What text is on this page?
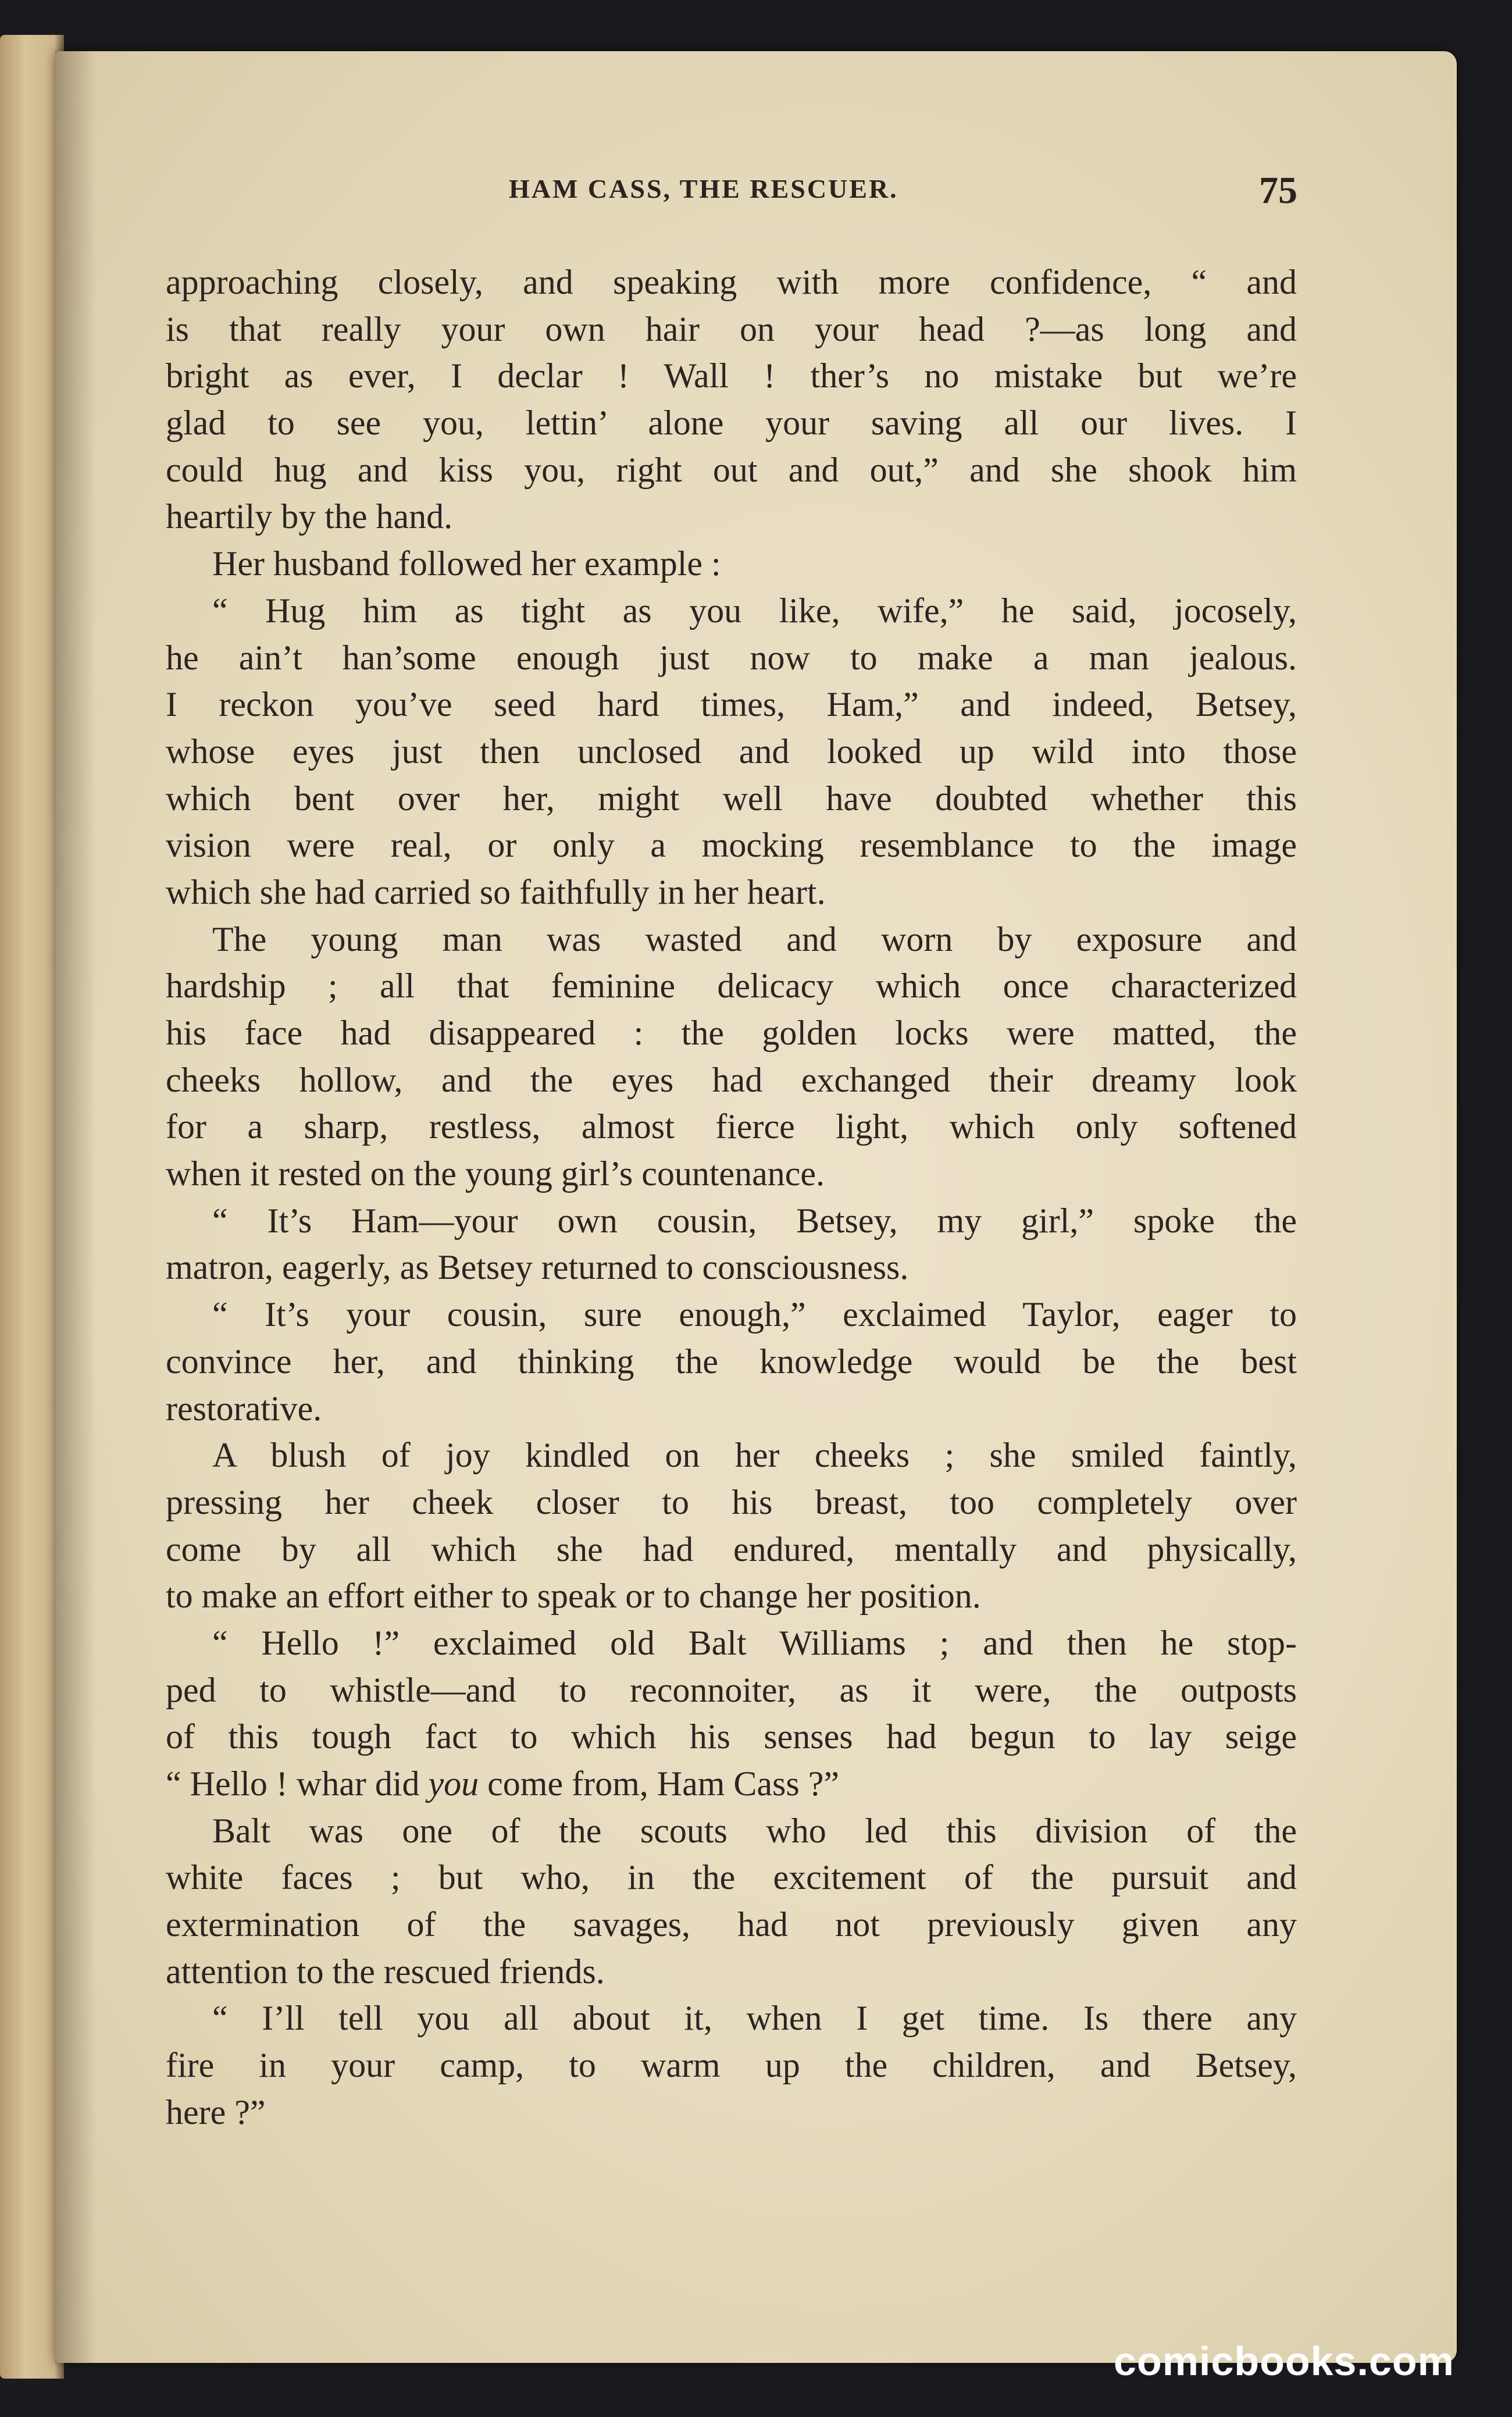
HAM CASS, THE RESCUER.	75

approaching closely, and speaking with more confidence, “ and

is that really your own hair on your head ?—as long and

bright as ever, I declar ! Wall ! ther’s no mistake but we’re

glad to see you, lettin’ alone your saving all our lives. I

could hug and kiss you, right out and out,” and she shook him

heartily by the hand.

Her husband followed her example :

“ Hug him as tight as you like, wife,” he said, jocosely,

he ain’t han’some enough just now to make a man jealous.

I reckon you’ve seed hard times, Ham,” and indeed, Betsey,

whose eyes just then unclosed and looked up wild into those

which bent over her, might well have doubted whether this

vision were real, or only a mocking resemblance to the image

which she had carried so faithfully in her heart.

The young man was wasted and worn by exposure and

hardship ; all that feminine delicacy which once characterized

his face had disappeared : the golden locks were matted, the

cheeks hollow, and the eyes had exchanged their dreamy look

for a sharp, restless, almost fierce light, which only softened

when it rested on the young girl’s countenance.

“ It’s Ham—your own cousin, Betsey, my girl,” spoke the

matron, eagerly, as Betsey returned to consciousness.

“ It’s your cousin, sure enough,” exclaimed Taylor, eager to

convince her, and thinking the knowledge would be the best

restorative.

A blush of joy kindled on her cheeks ; she smiled faintly,

pressing her cheek closer to his breast, too completely over

come by all which she had endured, mentally and physically,

to make an effort either to speak or to change her position.

“ Hello !” exclaimed old Balt Williams ; and then he stop-

ped to whistle—and to reconnoiter, as it were, the outposts

of this tough fact to which his senses had begun to lay seige

“ Hello ! whar did you come from, Ham Cass ?”

Balt was one of the scouts who led this division of the

white faces ; but who, in the excitement of the pursuit and

extermination of the savages, had not previously given any

attention to the rescued friends.

“ I’ll tell you all about it, when I get time. Is there any

fire in your camp, to warm up the children, and Betsey,

here ?”

comicbooks.com
